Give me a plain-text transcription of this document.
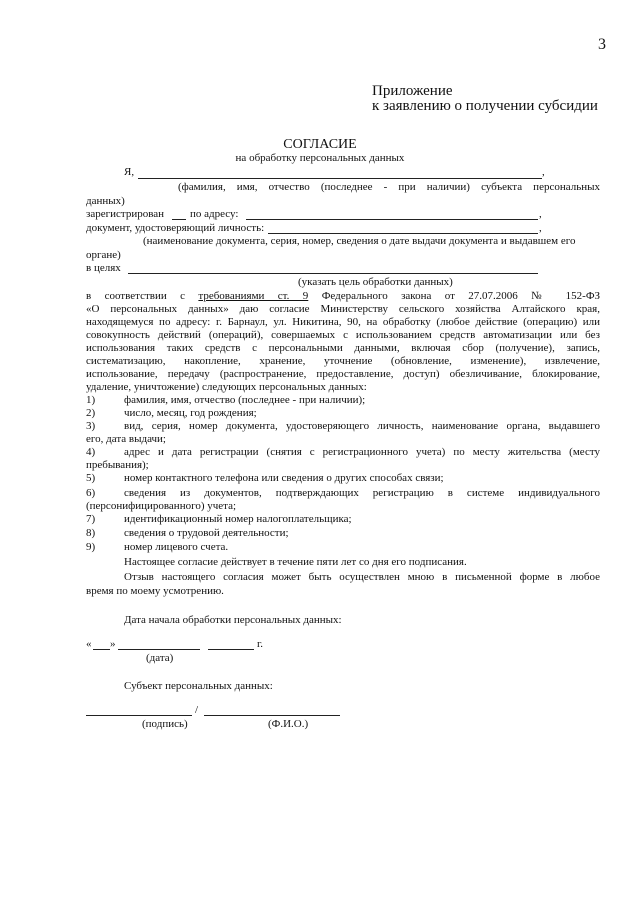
3
Приложение
к заявлению о получении субсидии
СОГЛАСИЕ
на обработку персональных данных
Я,	,
(фамилия, имя, отчество (последнее - при наличии) субъекта персональных
данных)
зарегистрирован по адресу:	,
документ, удостоверяющий личность:	,
(наименование документа, серия, номер, сведения о дате выдачи документа и выдавшем его
органе)
в целях
(указать цель обработки данных)
в соответствии с требованиями ст. 9 Федерального закона от 27.07.2006 № 152-ФЗ
«О персональных данных» даю согласие Министерству сельского хозяйства Алтайского края,
находящемуся по адресу: г. Барнаул, ул. Никитина, 90, на обработку (любое действие (операцию) или
совокупность действий (операций), совершаемых с использованием средств автоматизации или без
использования таких средств с персональными данными, включая сбор (получение), запись,
систематизацию, накопление, хранение, уточнение (обновление, изменение), извлечение,
использование, передачу (распространение, предоставление, доступ) обезличивание, блокирование,
удаление, уничтожение) следующих персональных данных:
1)	фамилия, имя, отчество (последнее - при наличии);
2)	число, месяц, год рождения;
3)	вид, серия, номер документа, удостоверяющего личность, наименование органа, выдавшего
его, дата выдачи;
4)	адрес и дата регистрации (снятия с регистрационного учета) по месту жительства (месту
пребывания);
5)	номер контактного телефона или сведения о других способах связи;
6)	сведения из документов, подтверждающих регистрацию в системе индивидуального
(персонифицированного) учета;
7)	идентификационный номер налогоплательщика;
8)	сведения о трудовой деятельности;
9)	номер лицевого счета.
Настоящее согласие действует в течение пяти лет со дня его подписания.
Отзыв настоящего согласия может быть осуществлен мною в письменной форме в любое
время по моему усмотрению.
Дата начала обработки персональных данных:
« »	г.
(дата)
Субъект персональных данных:
/
(подпись)	(Ф.И.О.)
